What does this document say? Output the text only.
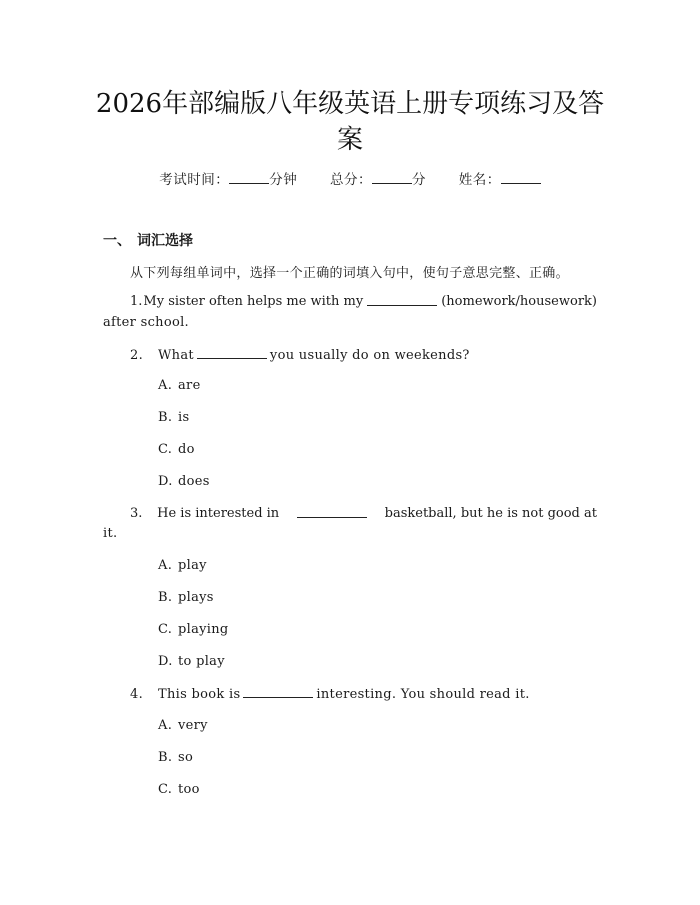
2026年部编版八年级英语上册专项练习及答
案
考试时间：	分钟 总分：	分 姓名：
一、 词汇选择
从下列每组单词中，选择一个正确的词填入句中，使句子意思完整、正确。
1. My sister often helps me with my	(homework/housework)
after school.
2. What	you usually do on weekends?
A. are
B. is
C. do
D. does
3. He is interested in	basketball, but he is not good at
it.
A. play
B. plays
C. playing
D. to play
4. This book is	interesting. You should read it.
A. very
B. so
C. too
